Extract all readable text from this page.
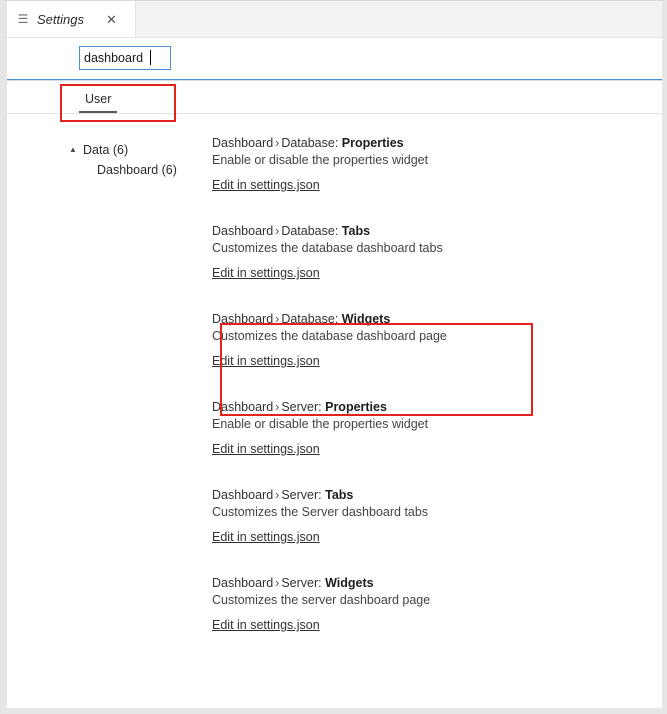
☰ Settings ✕
dashboard
User
▲ Data (6)
Dashboard (6)
Dashboard › Database: Properties
Enable or disable the properties widget
Edit in settings.json
Dashboard › Database: Tabs
Customizes the database dashboard tabs
Edit in settings.json
Dashboard › Database: Widgets
Customizes the database dashboard page
Edit in settings.json
Dashboard › Server: Properties
Enable or disable the properties widget
Edit in settings.json
Dashboard › Server: Tabs
Customizes the Server dashboard tabs
Edit in settings.json
Dashboard › Server: Widgets
Customizes the server dashboard page
Edit in settings.json
